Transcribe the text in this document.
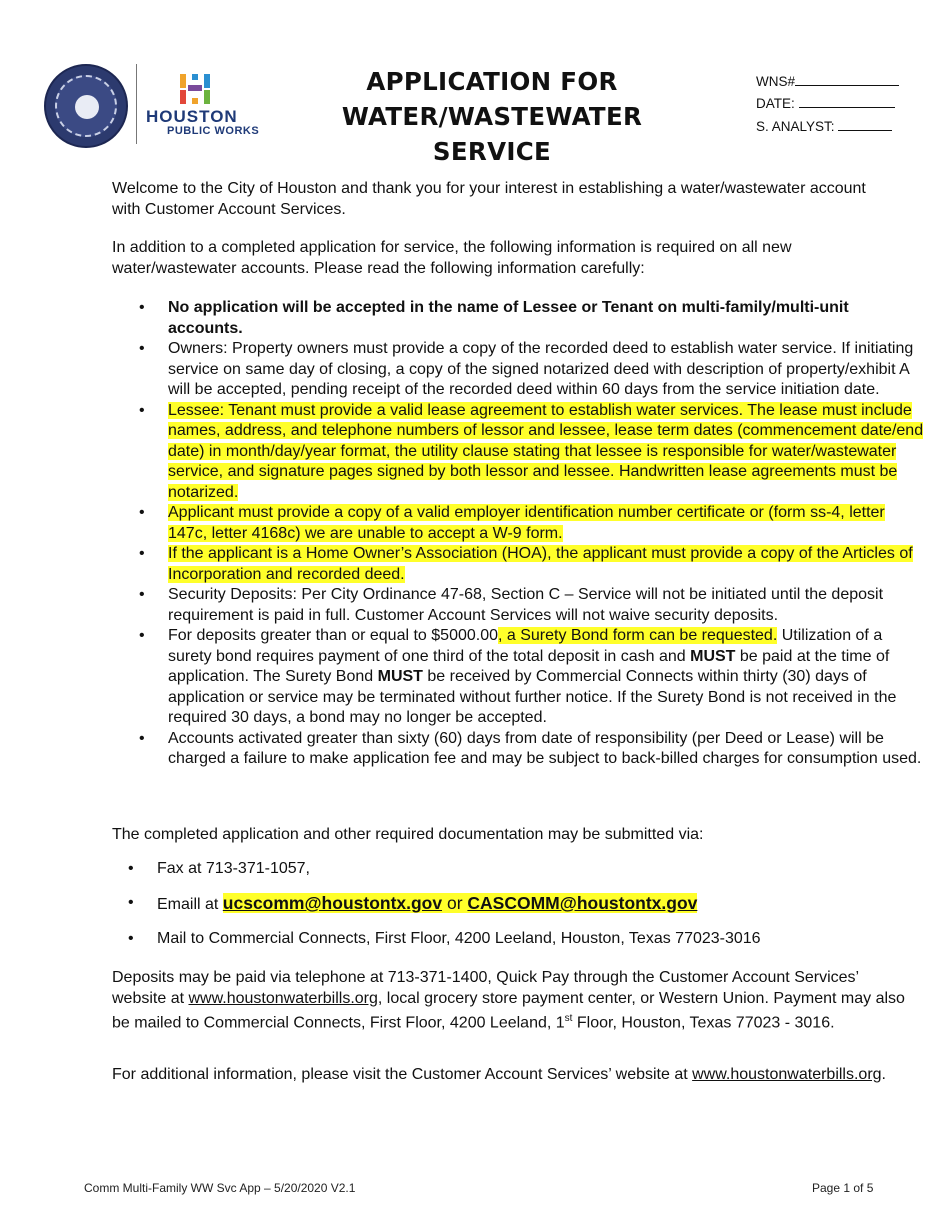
HOUSTON
PUBLIC WORKS
APPLICATION FOR
WATER/WASTEWATER
SERVICE
WNS#
DATE:
S. ANALYST:
Welcome to the City of Houston and thank you for your interest in establishing a water/wastewater account with Customer Account Services.
In addition to a completed application for service, the following information is required on all new water/wastewater accounts. Please read the following information carefully:
• No application will be accepted in the name of Lessee or Tenant on multi-family/multi-unit accounts.
• Owners: Property owners must provide a copy of the recorded deed to establish water service. If initiating service on same day of closing, a copy of the signed notarized deed with description of property/exhibit A will be accepted, pending receipt of the recorded deed within 60 days from the service initiation date.
• Lessee: Tenant must provide a valid lease agreement to establish water services. The lease must include names, address, and telephone numbers of lessor and lessee, lease term dates (commencement date/end date) in month/day/year format, the utility clause stating that lessee is responsible for water/wastewater service, and signature pages signed by both lessor and lessee. Handwritten lease agreements must be notarized.
• Applicant must provide a copy of a valid employer identification number certificate or (form ss-4, letter 147c, letter 4168c) we are unable to accept a W-9 form.
• If the applicant is a Home Owner’s Association (HOA), the applicant must provide a copy of the Articles of Incorporation and recorded deed.
• Security Deposits: Per City Ordinance 47-68, Section C – Service will not be initiated until the deposit requirement is paid in full. Customer Account Services will not waive security deposits.
• For deposits greater than or equal to $5000.00, a Surety Bond form can be requested. Utilization of a surety bond requires payment of one third of the total deposit in cash and MUST be paid at the time of application. The Surety Bond MUST be received by Commercial Connects within thirty (30) days of application or service may be terminated without further notice. If the Surety Bond is not received in the required 30 days, a bond may no longer be accepted.
• Accounts activated greater than sixty (60) days from date of responsibility (per Deed or Lease) will be charged a failure to make application fee and may be subject to back-billed charges for consumption used.
The completed application and other required documentation may be submitted via:
• Fax at 713-371-1057,
• Emaill at ucscomm@houstontx.gov or CASCOMM@houstontx.gov
• Mail to Commercial Connects, First Floor, 4200 Leeland, Houston, Texas 77023-3016
Deposits may be paid via telephone at 713-371-1400, Quick Pay through the Customer Account Services’ website at www.houstonwaterbills.org, local grocery store payment center, or Western Union. Payment may also be mailed to Commercial Connects, First Floor, 4200 Leeland, 1st Floor, Houston, Texas 77023 - 3016.
For additional information, please visit the Customer Account Services’ website at www.houstonwaterbills.org.
Comm Multi-Family WW Svc App – 5/20/2020 V2.1	Page 1 of 5
